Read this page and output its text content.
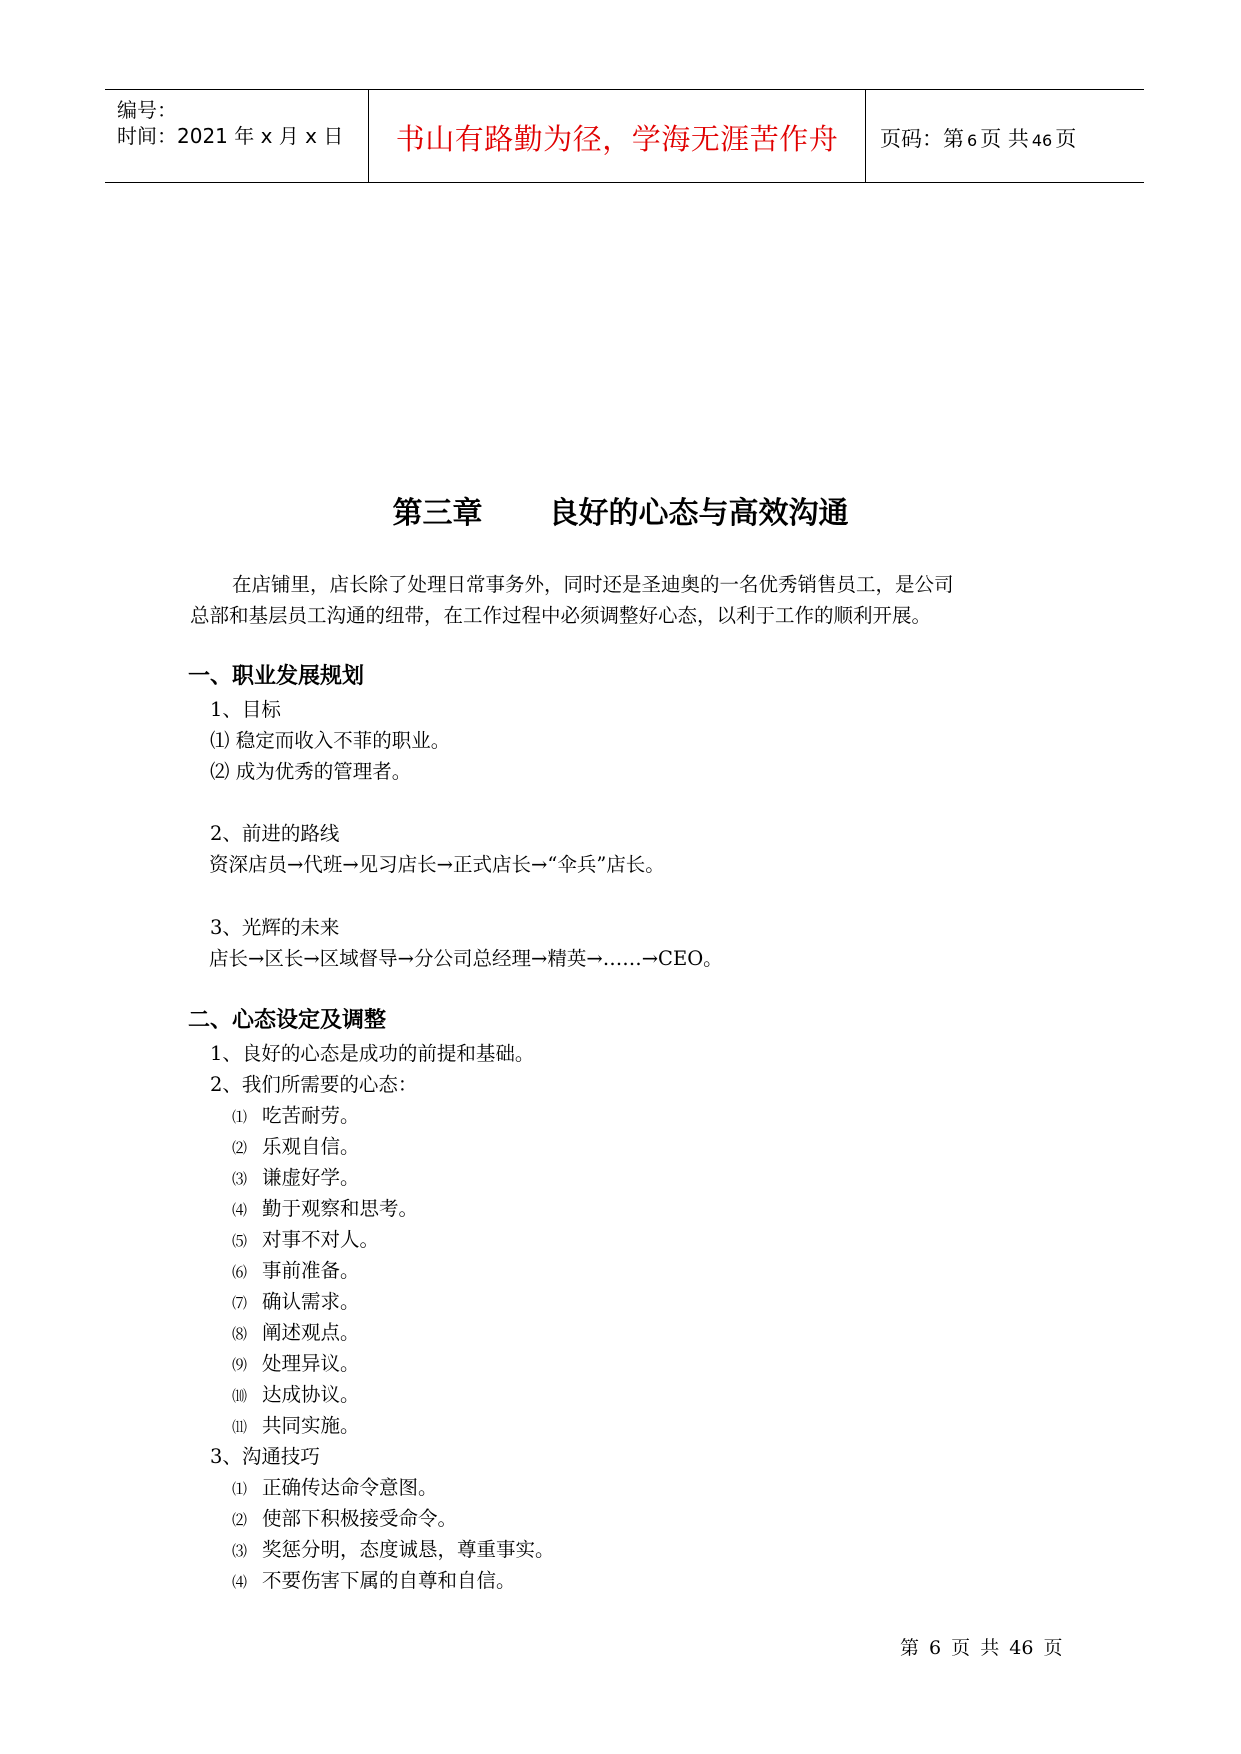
编号：
时间：2021 年 x 月 x 日	书山有路勤为径，学海无涯苦作舟	页码：第 6 页 共 46 页
第三章 良好的心态与高效沟通
在店铺里，店长除了处理日常事务外，同时还是圣迪奥的一名优秀销售员工，是公司
总部和基层员工沟通的纽带，在工作过程中必须调整好心态，以利于工作的顺利开展。
一、职业发展规划
1、目标
⑴ 稳定而收入不菲的职业。
⑵ 成为优秀的管理者。
2、前进的路线
资深店员→代班→见习店长→正式店长→“伞兵”店长。
3、光辉的未来
店长→区长→区域督导→分公司总经理→精英→……→CEO。
二、心态设定及调整
1、良好的心态是成功的前提和基础。
2、我们所需要的心态：
⑴ 吃苦耐劳。
⑵ 乐观自信。
⑶ 谦虚好学。
⑷ 勤于观察和思考。
⑸ 对事不对人。
⑹ 事前准备。
⑺ 确认需求。
⑻ 阐述观点。
⑼ 处理异议。
⑽ 达成协议。
⑾ 共同实施。
3、沟通技巧
⑴ 正确传达命令意图。
⑵ 使部下积极接受命令。
⑶ 奖惩分明，态度诚恳，尊重事实。
⑷ 不要伤害下属的自尊和自信。
第 6 页 共 46 页
